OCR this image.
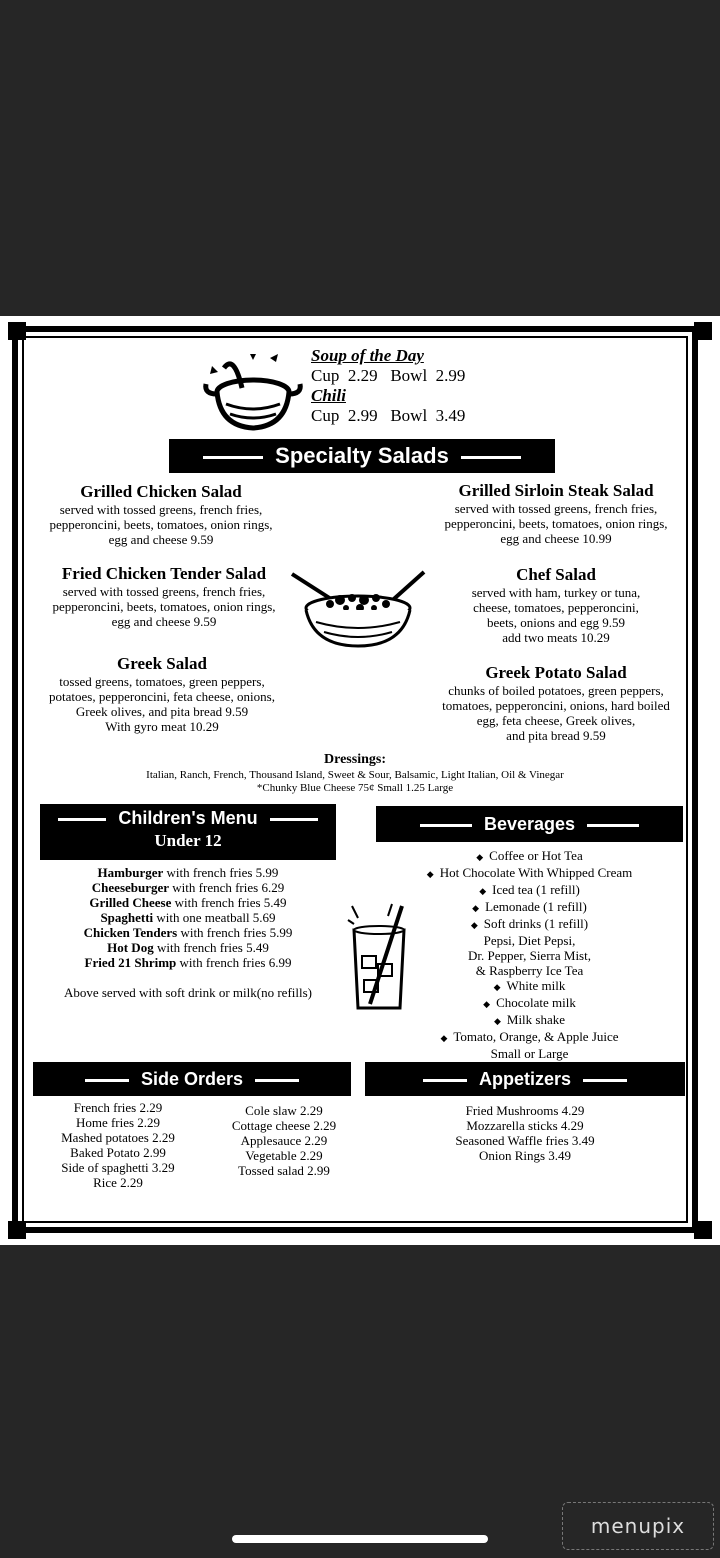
Soup of the Day
Cup  2.29   Bowl  2.99
Chili
Cup  2.99   Bowl  3.49
Specialty Salads
Grilled Chicken Salad
served with tossed greens, french fries,
pepperoncini, beets, tomatoes, onion rings,
egg and cheese 9.59
Grilled Sirloin Steak Salad
served with tossed greens, french fries,
pepperoncini, beets, tomatoes, onion rings,
egg and cheese 10.99
Fried Chicken Tender Salad
served with tossed greens, french fries,
pepperoncini, beets, tomatoes, onion rings,
egg and cheese 9.59
Chef Salad
served with ham, turkey or tuna,
cheese, tomatoes, pepperoncini,
beets, onions and egg 9.59
add two meats 10.29
Greek Salad
tossed greens, tomatoes, green peppers,
potatoes, pepperoncini, feta cheese, onions,
Greek olives, and pita bread 9.59
With gyro meat 10.29
Greek Potato Salad
chunks of boiled potatoes, green peppers,
tomatoes, pepperoncini, onions, hard boiled
egg, feta cheese, Greek olives,
and pita bread 9.59
Dressings:
Italian, Ranch, French, Thousand Island, Sweet & Sour, Balsamic, Light Italian, Oil & Vinegar
*Chunky Blue Cheese 75¢ Small 1.25 Large
Children's Menu
Under 12
Hamburger with french fries 5.99
Cheeseburger with french fries 6.29
Grilled Cheese with french fries 5.49
Spaghetti with one meatball 5.69
Chicken Tenders with french fries 5.99
Hot Dog with french fries 5.49
Fried 21 Shrimp with french fries 6.99
Above served with soft drink or milk(no refills)
Beverages
◆ Coffee or Hot Tea
◆ Hot Chocolate With Whipped Cream
◆ Iced tea (1 refill)
◆ Lemonade (1 refill)
◆ Soft drinks (1 refill)
Pepsi, Diet Pepsi,
Dr. Pepper, Sierra Mist,
& Raspberry Ice Tea
◆ White milk
◆ Chocolate milk
◆ Milk shake
◆ Tomato, Orange, & Apple Juice
Small or Large
Side Orders
French fries 2.29
Home fries 2.29
Mashed potatoes 2.29
Baked Potato 2.99
Side of spaghetti 3.29
Rice 2.29
Cole slaw 2.29
Cottage cheese 2.29
Applesauce 2.29
Vegetable 2.29
Tossed salad 2.99
Appetizers
Fried Mushrooms 4.29
Mozzarella sticks 4.29
Seasoned Waffle fries 3.49
Onion Rings 3.49
menupix
